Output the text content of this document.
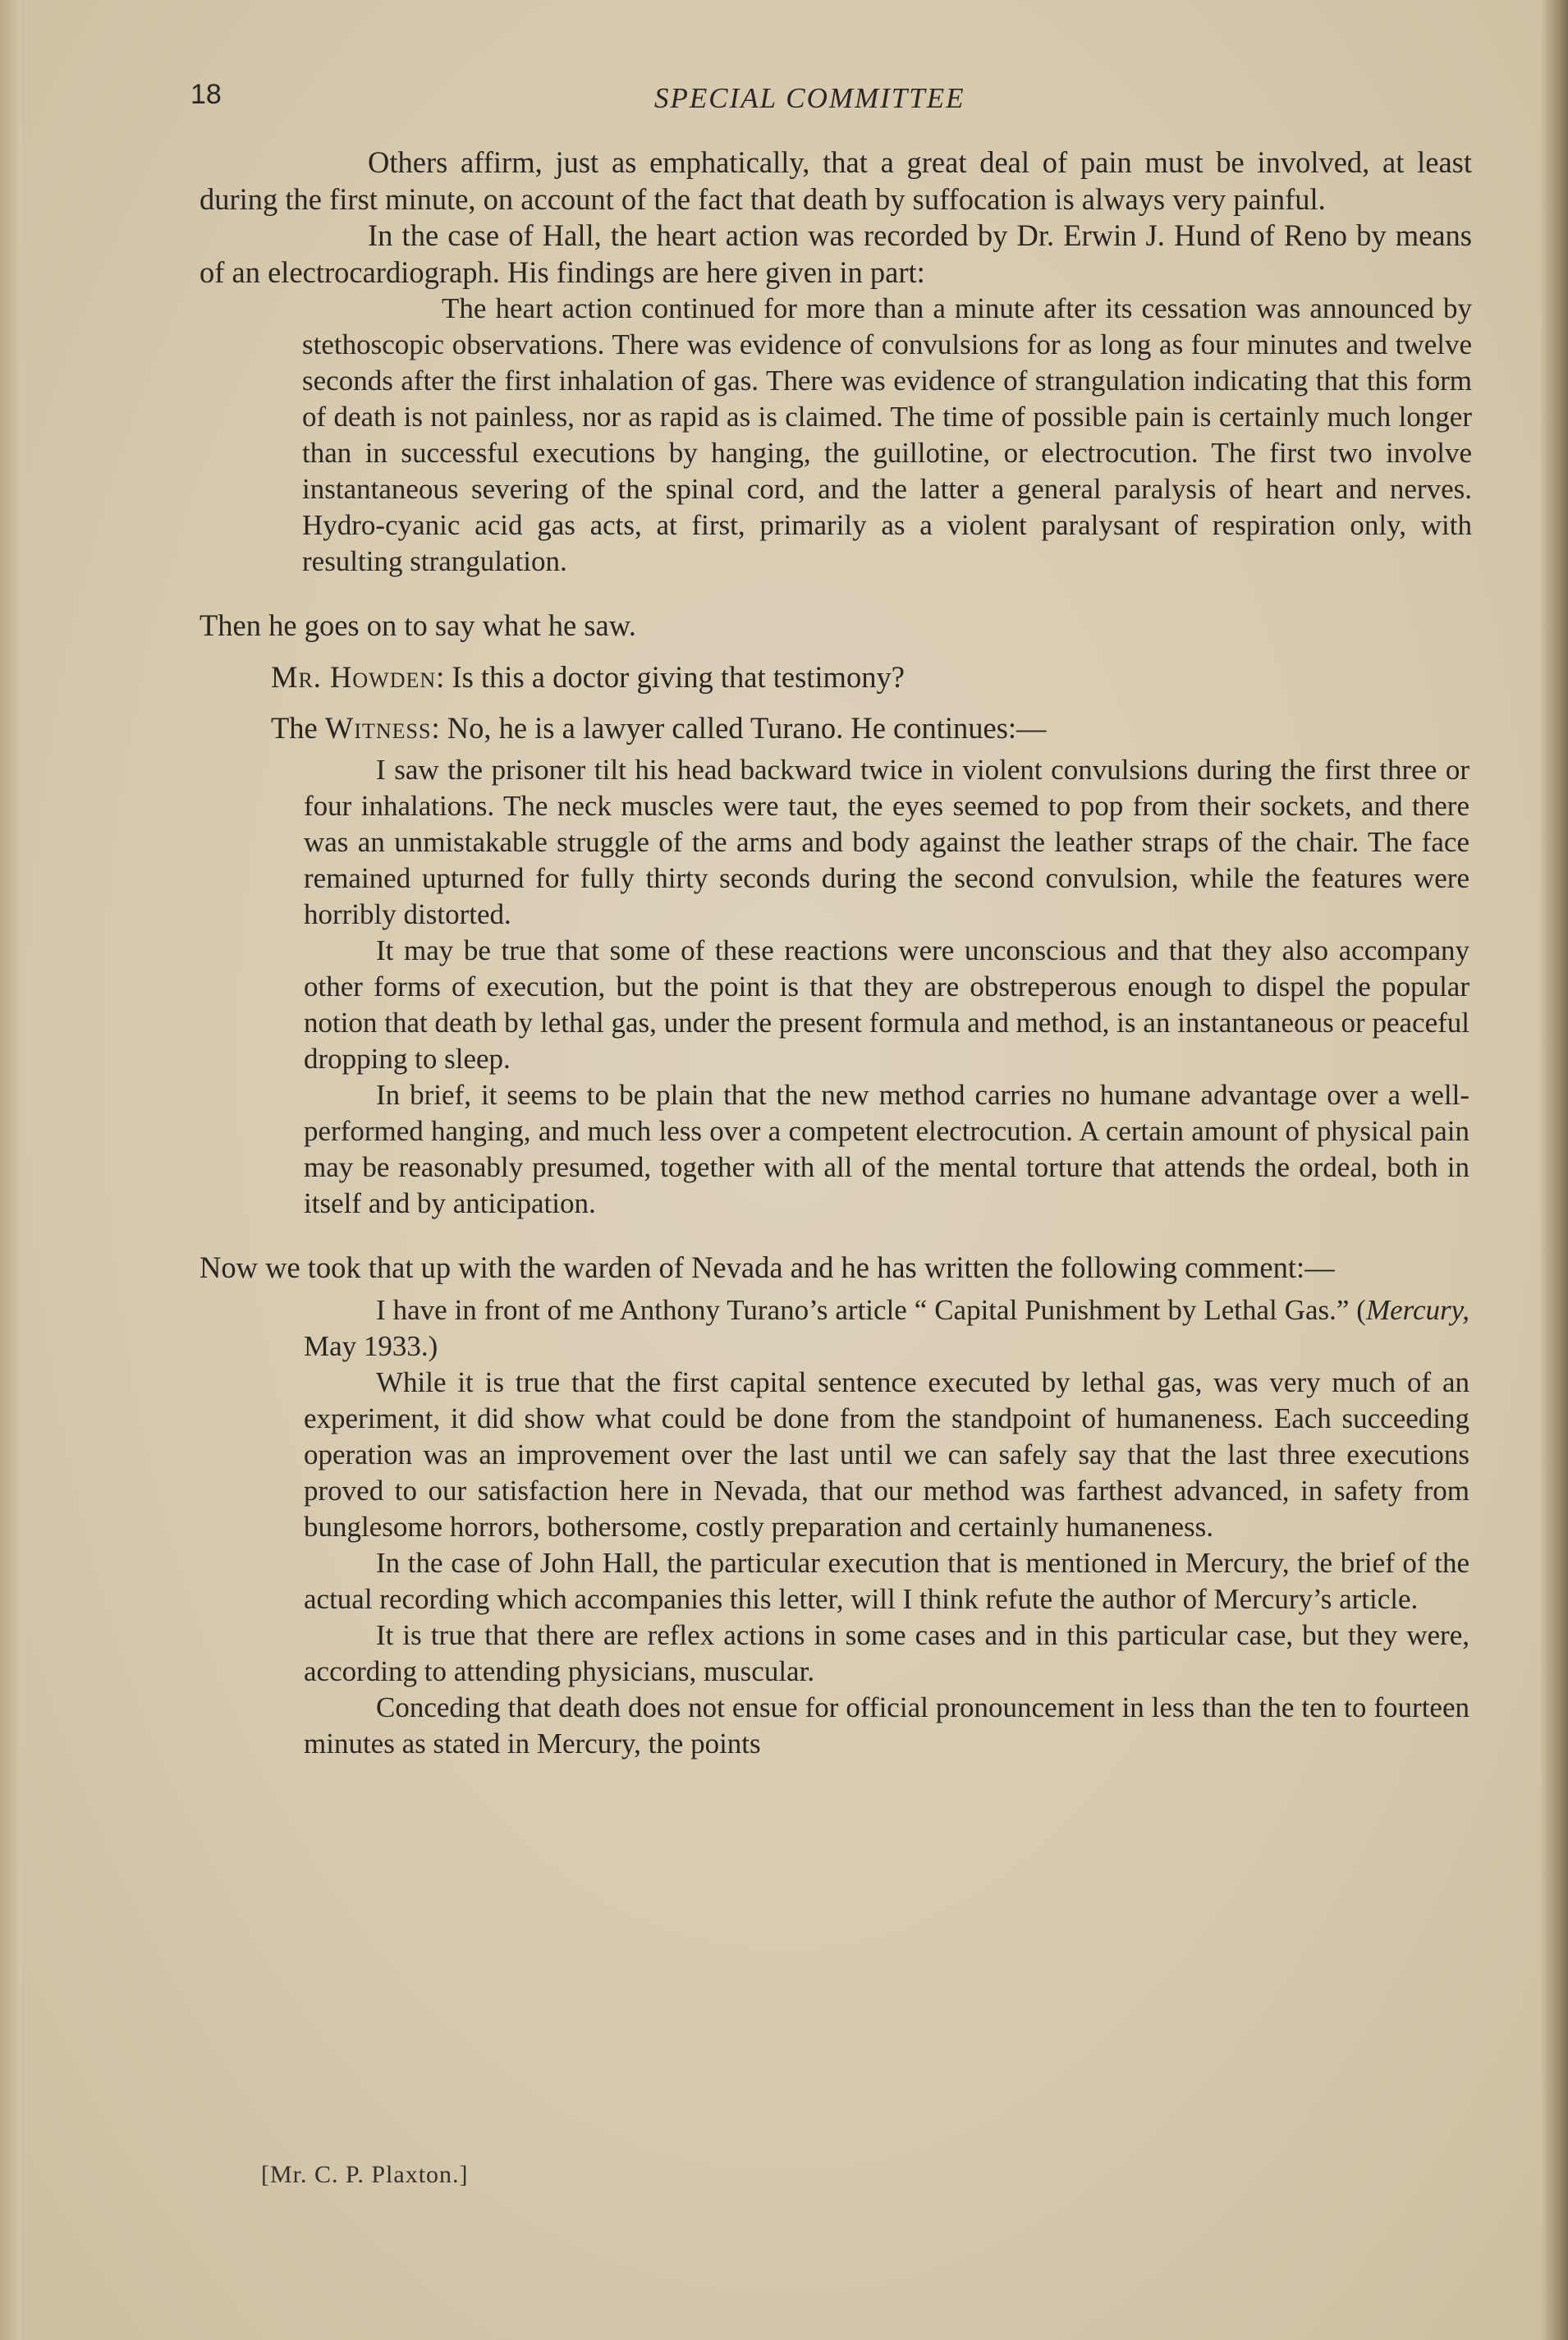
18	SPECIAL COMMITTEE

Others affirm, just as emphatically, that a great deal of pain must be involved, at least during the first minute, on account of the fact that death by suffocation is always very painful.

In the case of Hall, the heart action was recorded by Dr. Erwin J. Hund of Reno by means of an electrocardiograph. His findings are here given in part:

The heart action continued for more than a minute after its cessation was announced by stethoscopic observations. There was evidence of convulsions for as long as four minutes and twelve seconds after the first inhalation of gas. There was evidence of strangulation indicating that this form of death is not painless, nor as rapid as is claimed. The time of possible pain is certainly much longer than in successful executions by hanging, the guillotine, or electrocution. The first two involve instantaneous severing of the spinal cord, and the latter a general paralysis of heart and nerves. Hydro-cyanic acid gas acts, at first, primarily as a violent paralysant of respiration only, with resulting strangulation.

Then he goes on to say what he saw.

Mr. Howden: Is this a doctor giving that testimony?

The Witness: No, he is a lawyer called Turano. He continues:—

I saw the prisoner tilt his head backward twice in violent convulsions during the first three or four inhalations. The neck muscles were taut, the eyes seemed to pop from their sockets, and there was an unmistakable struggle of the arms and body against the leather straps of the chair. The face remained upturned for fully thirty seconds during the second convulsion, while the features were horribly distorted.

It may be true that some of these reactions were unconscious and that they also accompany other forms of execution, but the point is that they are obstreperous enough to dispel the popular notion that death by lethal gas, under the present formula and method, is an instantaneous or peaceful dropping to sleep.

In brief, it seems to be plain that the new method carries no humane advantage over a well-performed hanging, and much less over a competent electrocution. A certain amount of physical pain may be reasonably presumed, together with all of the mental torture that attends the ordeal, both in itself and by anticipation.

Now we took that up with the warden of Nevada and he has written the following comment:—

I have in front of me Anthony Turano’s article “ Capital Punishment by Lethal Gas.” (Mercury, May 1933.)

While it is true that the first capital sentence executed by lethal gas, was very much of an experiment, it did show what could be done from the standpoint of humaneness. Each succeeding operation was an improvement over the last until we can safely say that the last three executions proved to our satisfaction here in Nevada, that our method was farthest advanced, in safety from bunglesome horrors, bothersome, costly preparation and certainly humaneness.

In the case of John Hall, the particular execution that is mentioned in Mercury, the brief of the actual recording which accompanies this letter, will I think refute the author of Mercury’s article.

It is true that there are reflex actions in some cases and in this particular case, but they were, according to attending physicians, muscular.

Conceding that death does not ensue for official pronouncement in less than the ten to fourteen minutes as stated in Mercury, the points

[Mr. C. P. Plaxton.]
